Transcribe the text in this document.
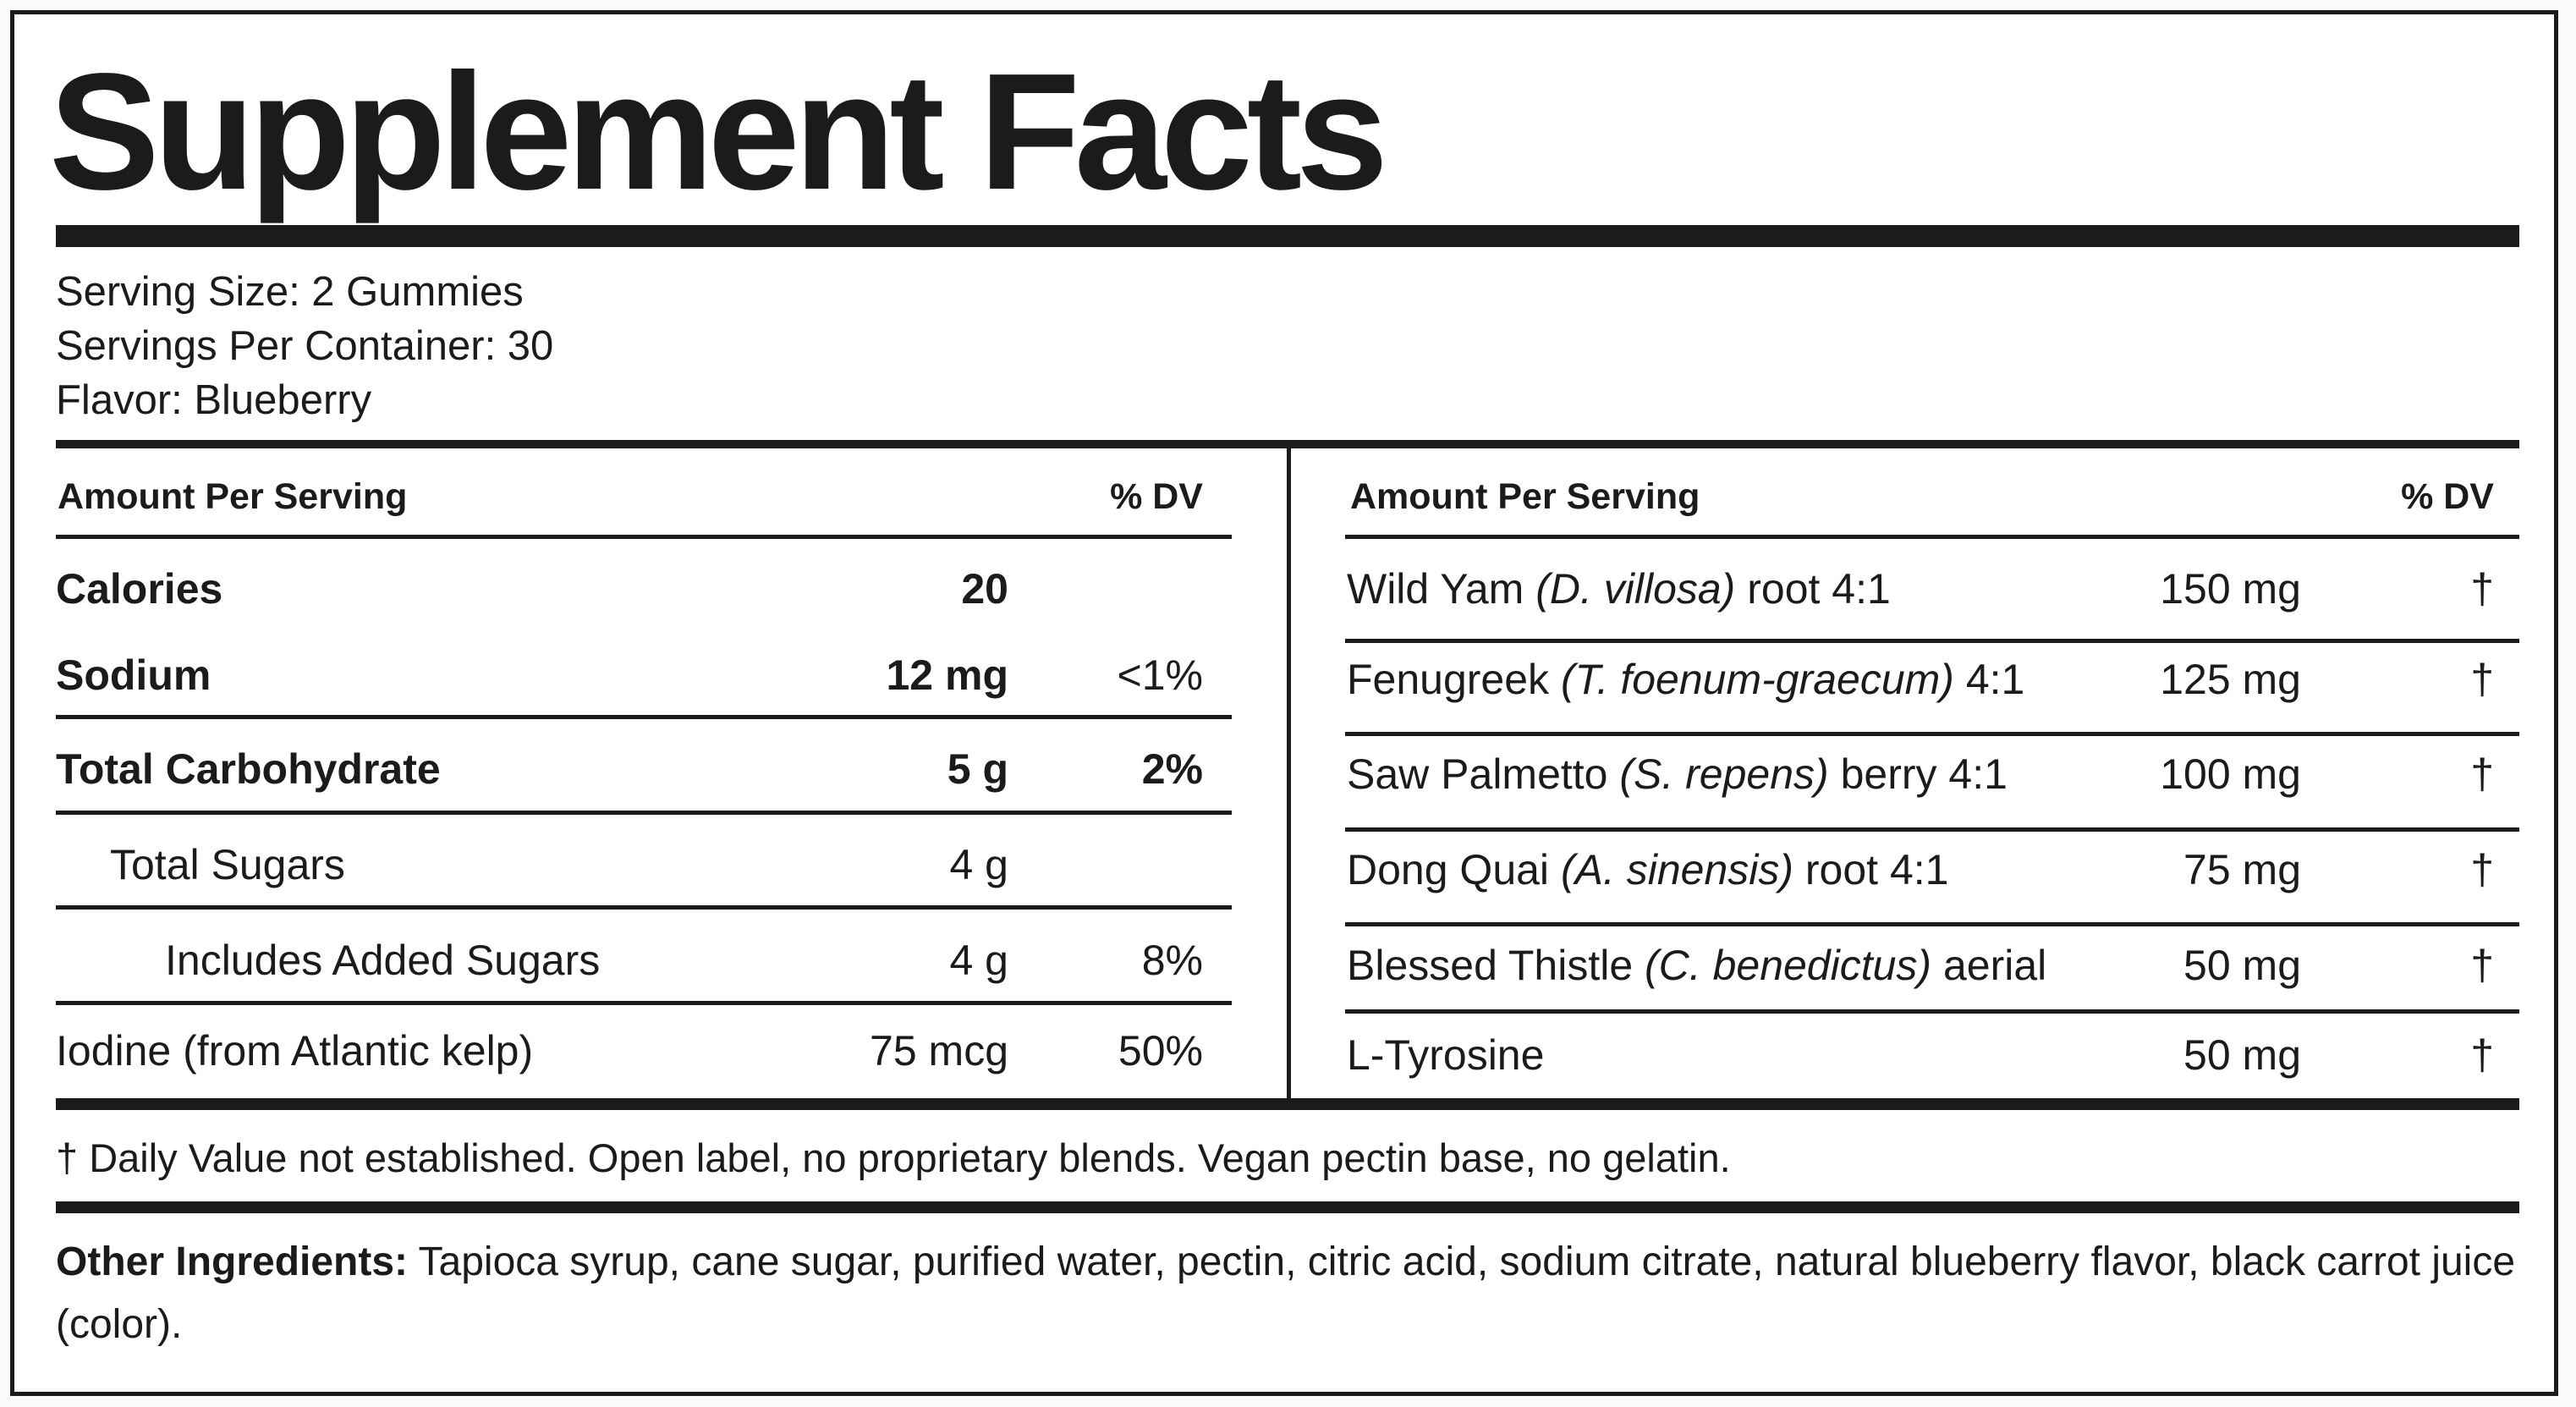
Supplement Facts
Serving Size: 2 Gummies
Servings Per Container: 30
Flavor: Blueberry
Amount Per Serving	% DV
Calories	20
Sodium	12 mg	<1%
Total Carbohydrate	5 g	2%
Total Sugars	4 g
Includes Added Sugars	4 g	8%
Iodine (from Atlantic kelp)	75 mcg	50%
Amount Per Serving	% DV
Wild Yam (D. villosa) root 4:1	150 mg	†
Fenugreek (T. foenum-graecum) 4:1	125 mg	†
Saw Palmetto (S. repens) berry 4:1	100 mg	†
Dong Quai (A. sinensis) root 4:1	75 mg	†
Blessed Thistle (C. benedictus) aerial	50 mg	†
L-Tyrosine	50 mg	†
† Daily Value not established. Open label, no proprietary blends. Vegan pectin base, no gelatin.
Other Ingredients: Tapioca syrup, cane sugar, purified water, pectin, citric acid, sodium citrate, natural blueberry flavor, black carrot juice (color).
